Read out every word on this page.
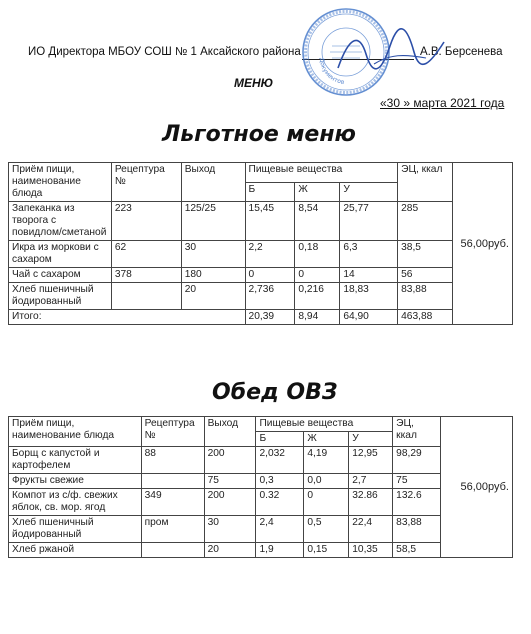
ИО Директора МБОУ СОШ № 1 Аксайского района	А.В. Берсенева
Документов
МЕНЮ
«30 » марта 2021 года
Льготное меню
Приём пищи, наименование блюда	Рецептура №	Выход	Пищевые вещества			ЭЦ, ккал	56,00руб.
			Б	Ж	У		
Запеканка из творога с повидлом/сметаной	223	125/25	15,45	8,54	25,77	285	
Икра из моркови с сахаром	62	30	2,2	0,18	6,3	38,5	
Чай с сахаром	378	180	0	0	14	56	
Хлеб пшеничный йодированный		20	2,736	0,216	18,83	83,88	
Итого:			20,39	8,94	64,90	463,88	
Обед ОВЗ
Приём пищи, наименование блюда	Рецептура №	Выход	Пищевые вещества			ЭЦ, ккал	56,00руб.
			Б	Ж	У		
Борщ с капустой и картофелем	88	200	2,032	4,19	12,95	98,29	
Фрукты свежие		75	0,3	0,0	2,7	75	
Компот из с/ф. свежих яблок, св. мор. ягод	349	200	0.32	0	32.86	132.6	
Хлеб пшеничный йодированный	пром	30	2,4	0,5	22,4	83,88	
Хлеб ржаной		20	1,9	0,15	10,35	58,5	
